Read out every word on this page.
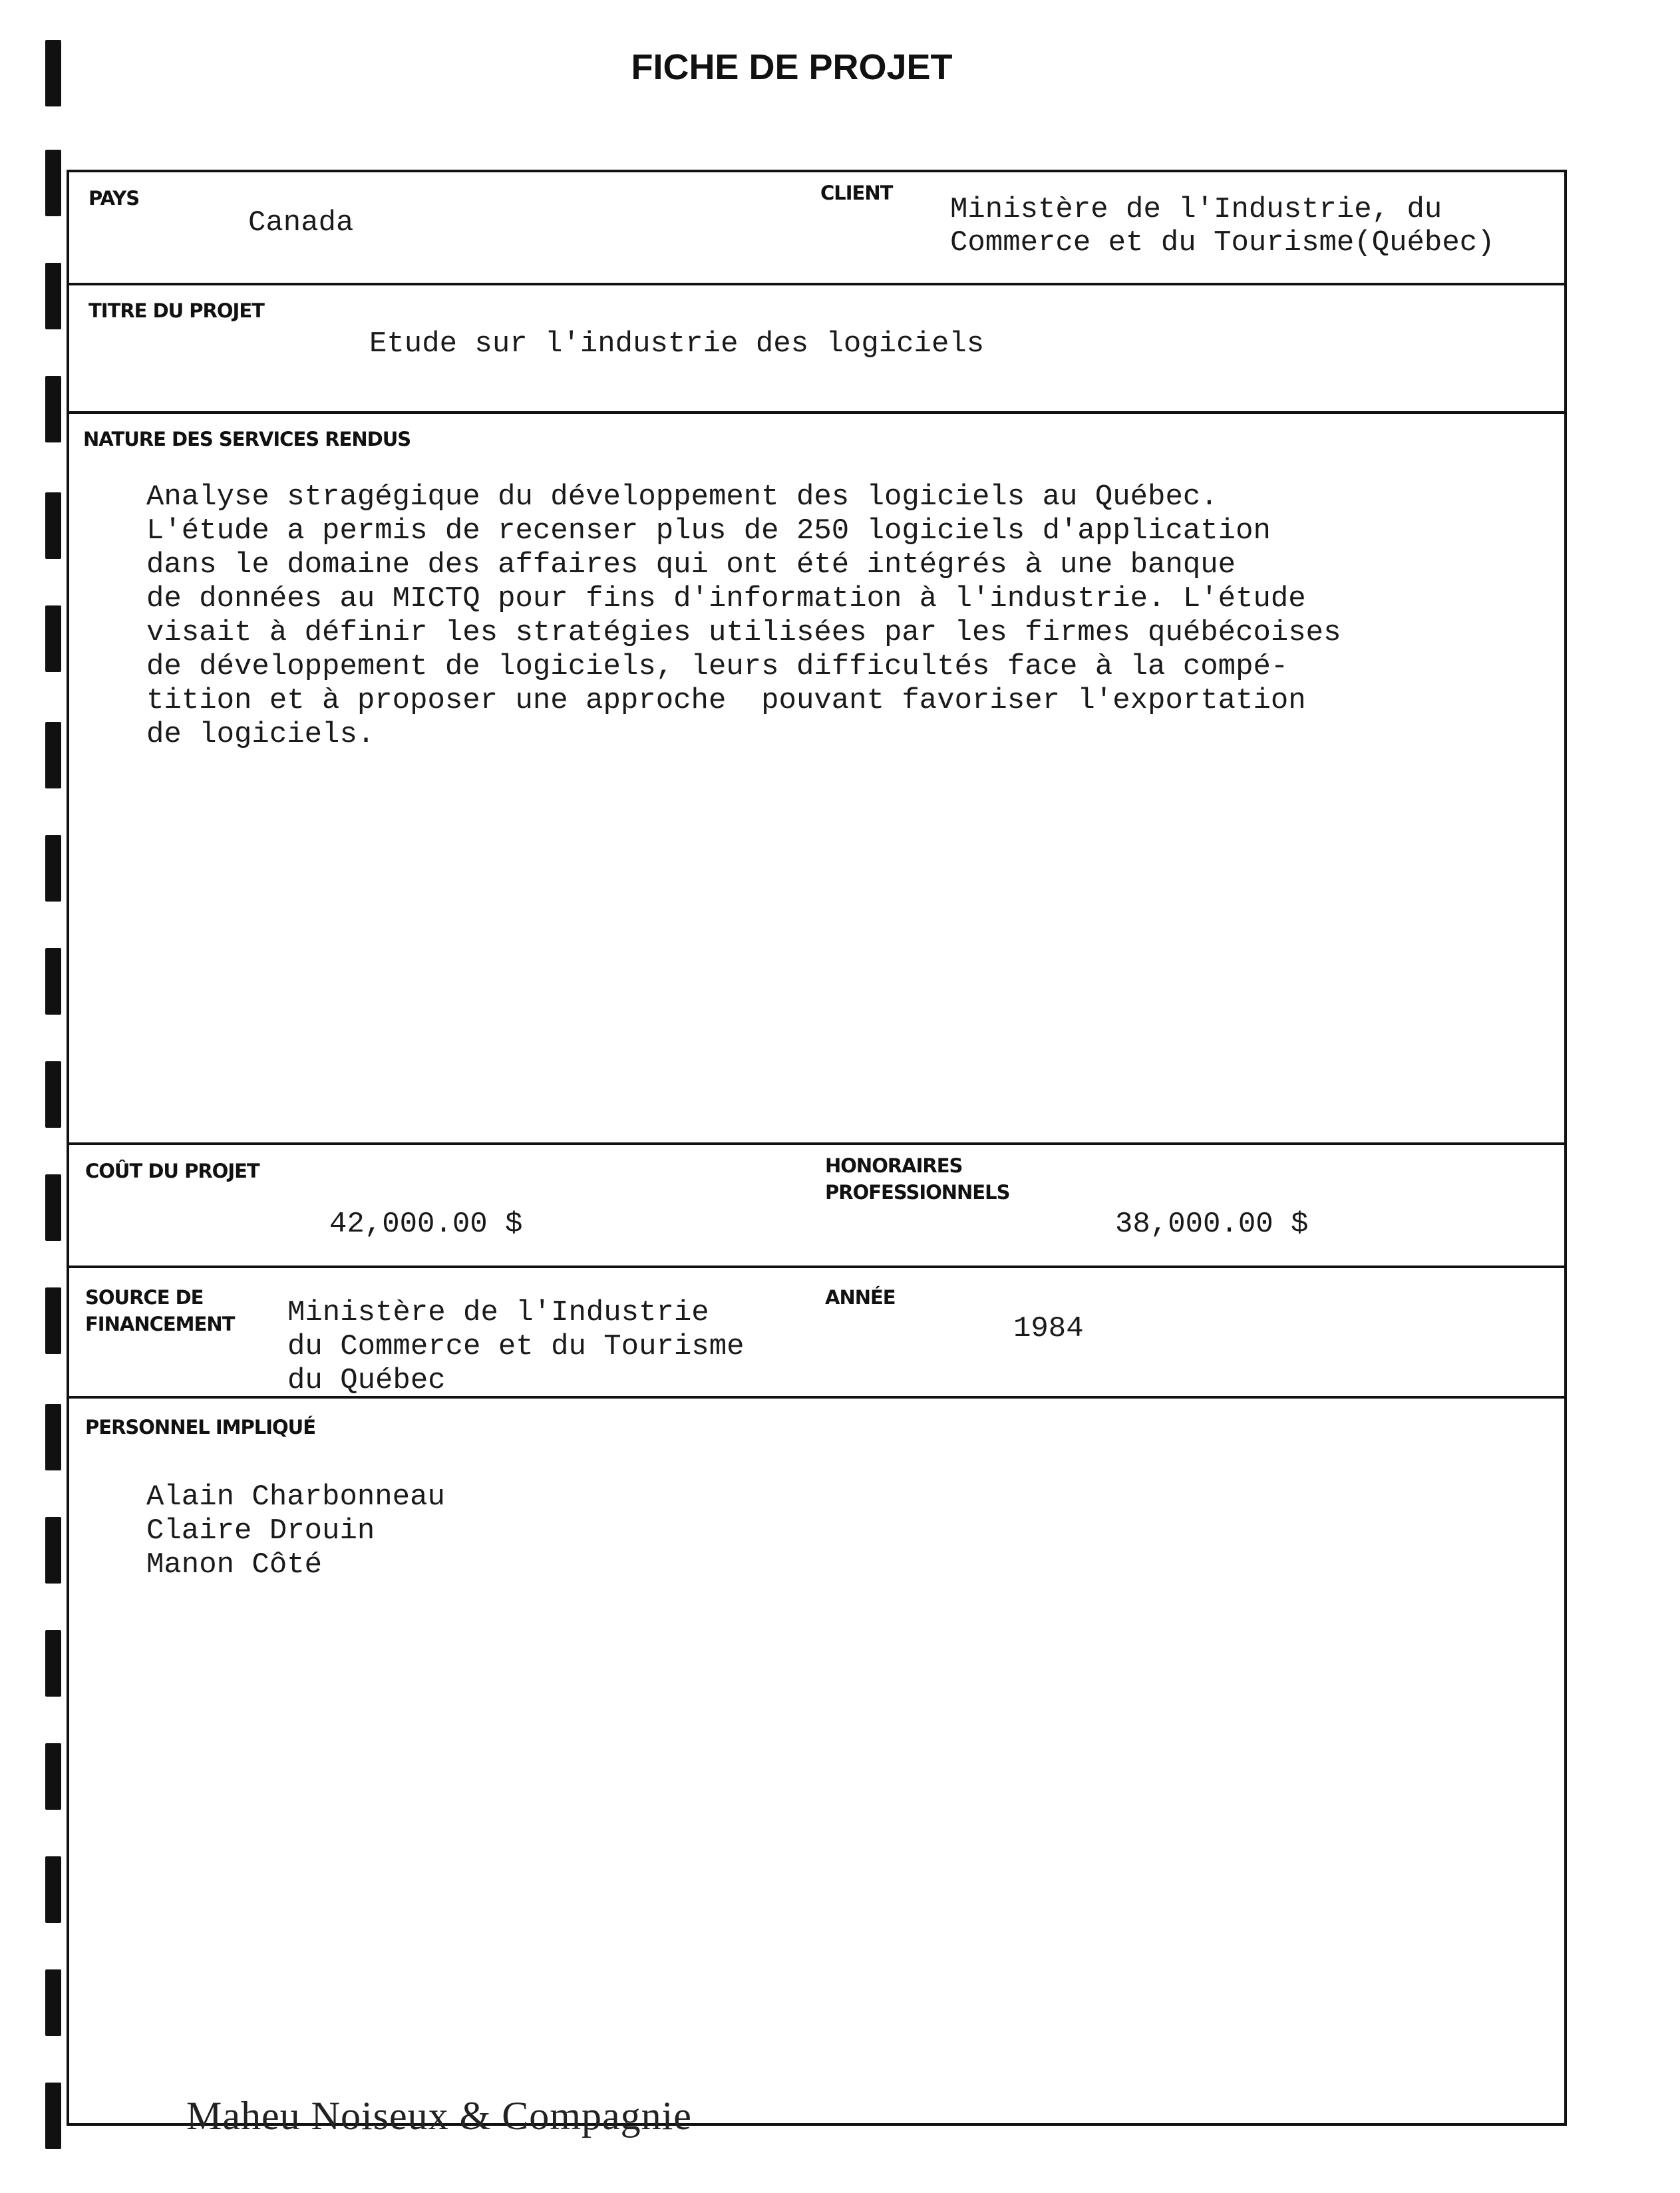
FICHE DE PROJET
PAYS
Canada
CLIENT Ministère de l'Industrie, du
Commerce et du Tourisme(Québec)
TITRE DU PROJET
Etude sur l'industrie des logiciels
NATURE DES SERVICES RENDUS
Analyse stragégique du développement des logiciels au Québec.
L'étude a permis de recenser plus de 250 logiciels d'application
dans le domaine des affaires qui ont été intégrés à une banque
de données au MICTQ pour fins d'information à l'industrie. L'étude
visait à définir les stratégies utilisées par les firmes québécoises
de développement de logiciels, leurs difficultés face à la compé-
tition et à proposer une approche  pouvant favoriser l'exportation
de logiciels.
COÛT DU PROJET
42,000.00 $
HONORAIRES
PROFESSIONNELS
38,000.00 $
SOURCE DE
FINANCEMENT Ministère de l'Industrie
du Commerce et du Tourisme
du Québec
ANNÉE
1984
PERSONNEL IMPLIQUÉ
Alain Charbonneau
Claire Drouin
Manon Côté
Maheu Noiseux & Compagnie
